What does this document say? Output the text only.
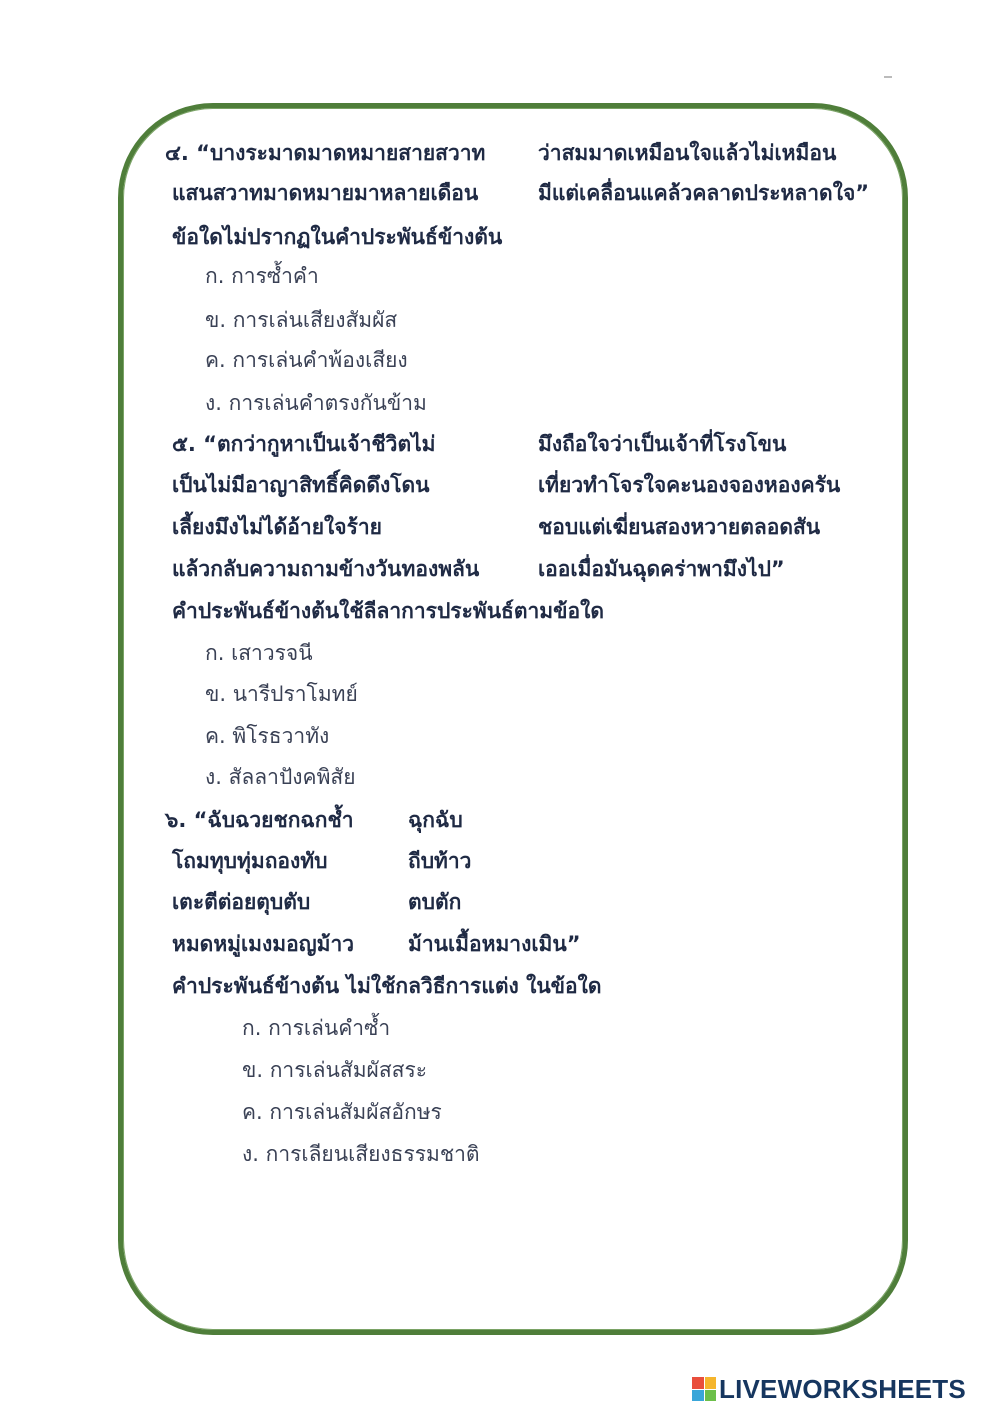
๔. “บางระมาดมาดหมายสายสวาท	ว่าสมมาดเหมือนใจแล้วไม่เหมือน
แสนสวาทมาดหมายมาหลายเดือน	มีแต่เคลื่อนแคล้วคลาดประหลาดใจ”
ข้อใดไม่ปรากฏในคำประพันธ์ข้างต้น
ก. การซ้ำคำ
ข. การเล่นเสียงสัมผัส
ค. การเล่นคำพ้องเสียง
ง. การเล่นคำตรงกันข้าม
๕. “ตกว่ากูหาเป็นเจ้าชีวิตไม่	มึงถือใจว่าเป็นเจ้าที่โรงโขน
เป็นไม่มีอาญาสิทธิ์คิดดึงโดน	เที่ยวทำโจรใจคะนองจองหองครัน
เลี้ยงมึงไม่ได้อ้ายใจร้าย	ชอบแต่เฆี่ยนสองหวายตลอดสัน
แล้วกลับความถามข้างวันทองพลัน	เออเมื่อมันฉุดคร่าพามึงไป”
คำประพันธ์ข้างต้นใช้ลีลาการประพันธ์ตามข้อใด
ก. เสาวรจนี
ข. นารีปราโมทย์
ค. พิโรธวาทัง
ง. สัลลาปังคพิสัย
๖. “ฉับฉวยชกฉกช้ำ	ฉุกฉับ
โถมทุบทุ่มถองทับ	ถีบท้าว
เตะตีต่อยตุบตับ	ตบตัก
หมดหมู่เมงมอญม้าว	ม้านเมื้อหมางเมิน”
คำประพันธ์ข้างต้น ไม่ใช้กลวิธีการแต่ง ในข้อใด
ก. การเล่นคำซ้ำ
ข. การเล่นสัมผัสสระ
ค. การเล่นสัมผัสอักษร
ง. การเลียนเสียงธรรมชาติ
LIVEWORKSHEETS
